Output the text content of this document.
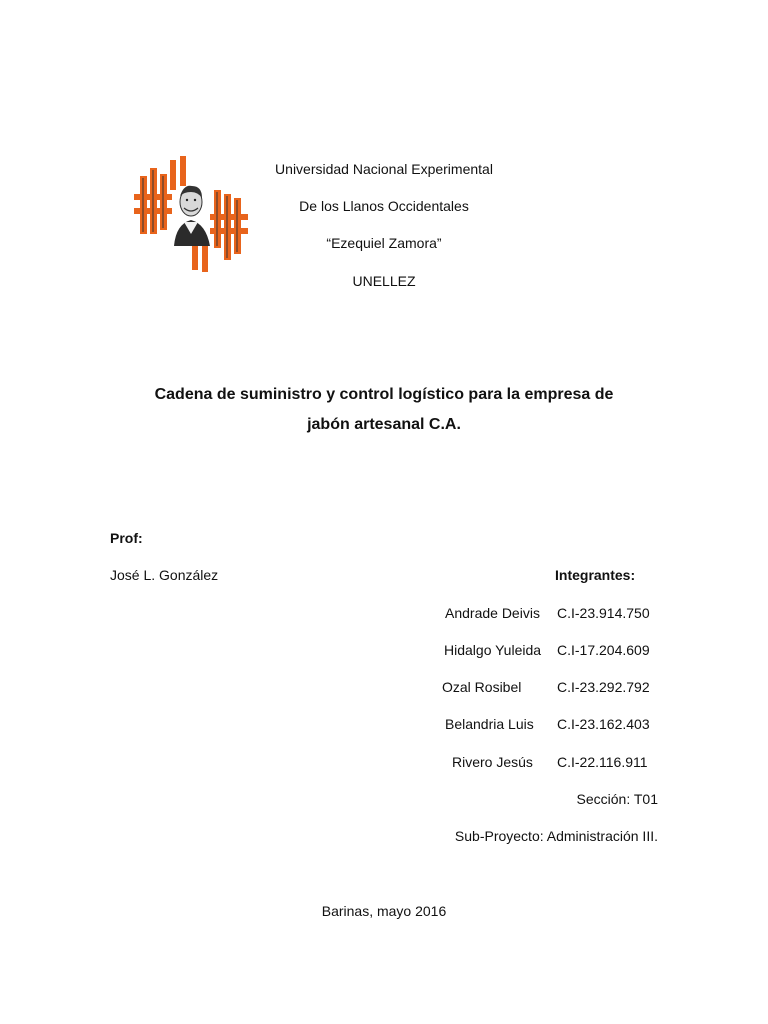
Universidad Nacional Experimental
De los Llanos Occidentales
“Ezequiel Zamora”
UNELLEZ
Cadena de suministro y control logístico para la empresa de
jabón artesanal C.A.
Prof:
José L. González	Integrantes:
Andrade Deivis C.I-23.914.750
Hidalgo Yuleida C.I-17.204.609
Ozal Rosibel	C.I-23.292.792
Belandria Luis C.I-23.162.403
Rivero Jesús C.I-22.116.911
Sección: T01
Sub-Proyecto: Administración III.
Barinas, mayo 2016
